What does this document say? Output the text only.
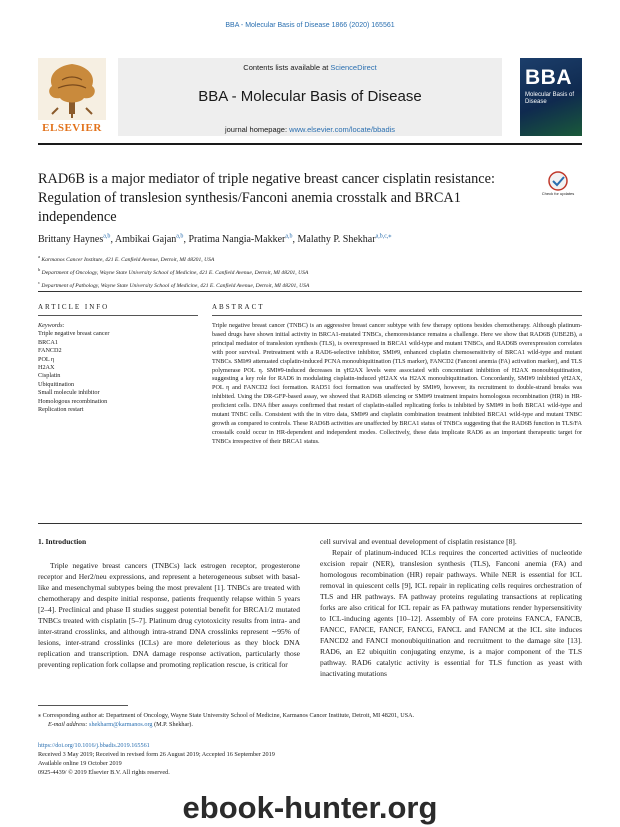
BBA - Molecular Basis of Disease 1866 (2020) 165561
ELSEVIER
Contents lists available at ScienceDirect
BBA - Molecular Basis of Disease
journal homepage: www.elsevier.com/locate/bbadis
BBA
Molecular Basis of Disease
RAD6B is a major mediator of triple negative breast cancer cisplatin resistance: Regulation of translesion synthesis/Fanconi anemia crosstalk and BRCA1 independence
Check for updates
Brittany Haynes$^{a,b}$, Ambikai Gajan$^{a,b}$, Pratima Nangia-Makker$^{a,b}$, Malathy P. Shekhar$^{a,b,c,⁎}$
$^a$ Karmanos Cancer Institute, 421 E. Canfield Avenue, Detroit, MI 48201, USA
$^b$ Department of Oncology, Wayne State University School of Medicine, 421 E. Canfield Avenue, Detroit, MI 48201, USA
$^c$ Department of Pathology, Wayne State University School of Medicine, 421 E. Canfield Avenue, Detroit, MI 48201, USA
ARTICLE INFO	ABSTRACT
Keywords:
Triple negative breast cancer
BRCA1
FANCD2
POL η
H2AX
Cisplatin
Ubiquitination
Small molecule inhibitor
Homologous recombination
Replication restart
Triple negative breast cancer (TNBC) is an aggressive breast cancer subtype with few therapy options besides chemotherapy. Although platinum-based drugs have shown initial activity in BRCA1-mutated TNBCs, chemoresistance remains a challenge. Here we show that RAD6B (UBE2B), a principal mediator of translesion synthesis (TLS), is overexpressed in BRCA1 wild-type and mutant TNBCs, and RAD6B overexpression correlates with poor survival. Pretreatment with a RAD6-selective inhibitor, SMI#9, enhanced cisplatin chemosensitivity of BRCA1 wild-type and mutant TNBCs. SMI#9 attenuated cisplatin-induced PCNA monoubiquitination (TLS marker), FANCD2 (Fanconi anemia (FA) activation marker), and TLS polymerase POL η. SMI#9-induced decreases in γH2AX levels were associated with concomitant inhibition of H2AX monoubiquitination, suggesting a key role for RAD6 in modulating cisplatin-induced γH2AX via H2AX monoubiquitination. Concordantly, SMI#9 inhibited γH2AX, POL η and FANCD2 foci formation. RAD51 foci formation was unaffected by SMI#9, however, its recruitment to double-strand breaks was inhibited. Using the DR-GFP-based assay, we showed that RAD6B silencing or SMI#9 treatment impairs homologous recombination (HR) in HR-proficient cells. DNA fiber assays confirmed that restart of cisplatin-stalled replicating forks is inhibited by SMI#9 in both BRCA1 wild-type and mutant TNBC cells. Consistent with the in vitro data, SMI#9 and cisplatin combination treatment inhibited BRCA1 wild-type and mutant TNBC growth as compared to controls. These RAD6B activities are unaffected by BRCA1 status of TNBCs suggesting that the RAD6B function in TLS/FA crosstalk could occur in HR-dependent and independent modes. Collectively, these data implicate RAD6 as an important therapeutic target for TNBCs irrespective of their BRCA1 status.
1. Introduction

Triple negative breast cancers (TNBCs) lack estrogen receptor, progesterone receptor and Her2/neu expressions, and represent a heterogeneous subset with basal-like and mesenchymal subtypes being the most prevalent [1]. TNBCs are treated with chemotherapy and despite initial response, patients frequently relapse within 5 years [2–4]. Preclinical and phase II studies suggest potential benefit for BRCA1/2 mutated TNBCs treated with cisplatin [5–7]. Platinum drug cytotoxicity results from intra- and inter-strand crosslinks, and although intra-strand DNA crosslinks represent ∼95% of lesions, inter-strand crosslinks (ICLs) are more deleterious as they block DNA replication and transcription. DNA damage response activation, particularly those preventing replication fork collapse and promoting replication rescue, is critical for

cell survival and eventual development of cisplatin resistance [8].

Repair of platinum-induced ICLs requires the concerted activities of nucleotide excision repair (NER), translesion synthesis (TLS), Fanconi anemia (FA) and homologous recombination (HR) repair pathways. While NER is essential for ICL removal in quiescent cells [9], ICL repair in replicating cells requires orchestration of TLS and HR pathways. FA pathway proteins regulating transactions at replicating forks are also critical for ICL repair as FA pathway mutations render hypersensitivity to ICL-inducing agents [10–12]. Assembly of FA core proteins FANCA, FANCB, FANCC, FANCE, FANCF, FANCG, FANCL and FANCM at the ICL site induces FANCD2 and FANCI monoubiquitination and recruitment to the damage site [13]. RAD6, an E2 ubiquitin conjugating enzyme, is a major component of the TLS pathway. RAD6 catalytic activity is essential for TLS function as yeast with inactivating mutations

⁎ Corresponding author at: Department of Oncology, Wayne State University School of Medicine, Karmanos Cancer Institute, Detroit, MI 48201, USA.
E-mail address: shekharm@karmanos.org (M.P. Shekhar).
https://doi.org/10.1016/j.bbadis.2019.165561
Received 3 May 2019; Received in revised form 26 August 2019; Accepted 16 September 2019
Available online 19 October 2019
0925-4439/ © 2019 Elsevier B.V. All rights reserved.
ebook-hunter.org
